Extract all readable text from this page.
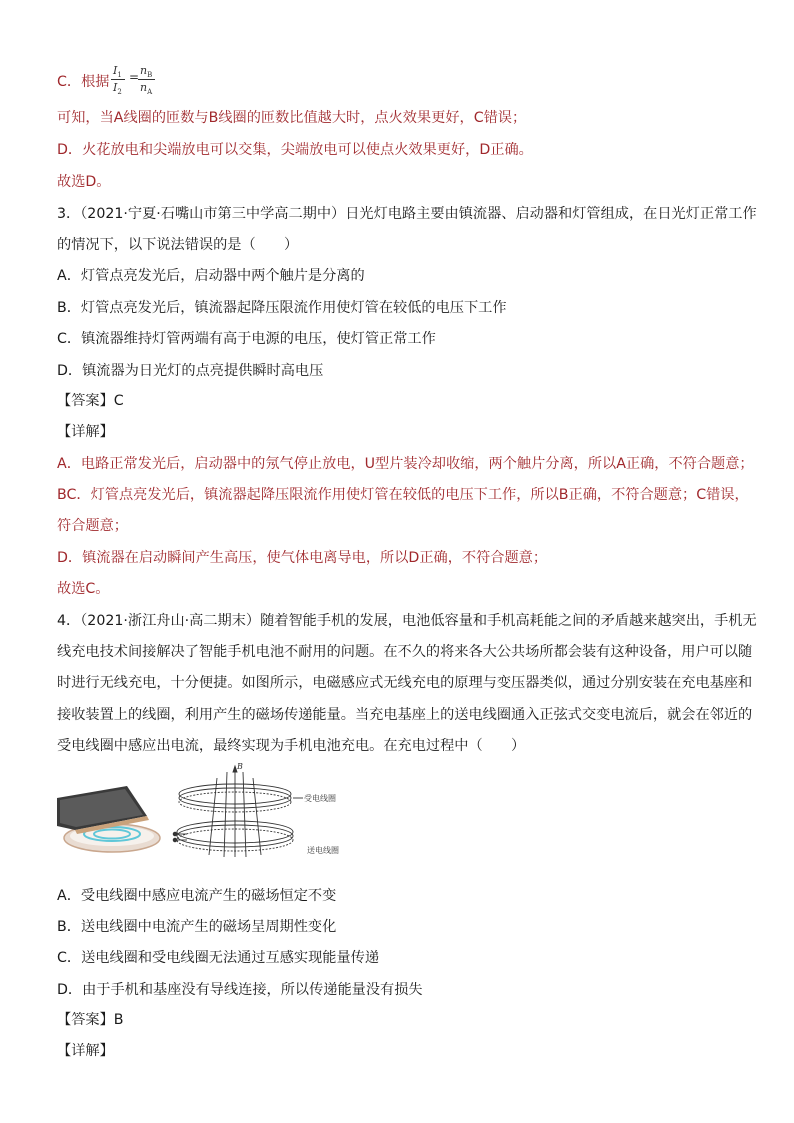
C．根据
可知，当A线圈的匝数与B线圈的匝数比值越大时，点火效果更好，C错误；
D．火花放电和尖端放电可以交集，尖端放电可以使点火效果更好，D正确。
故选D。
3．（2021·宁夏·石嘴山市第三中学高二期中）日光灯电路主要由镇流器、启动器和灯管组成，在日光灯正常工作
的情况下，以下说法错误的是（　　）
A．灯管点亮发光后，启动器中两个触片是分离的
B．灯管点亮发光后，镇流器起降压限流作用使灯管在较低的电压下工作
C．镇流器维持灯管两端有高于电源的电压，使灯管正常工作
D．镇流器为日光灯的点亮提供瞬时高电压
【答案】C
【详解】
A．电路正常发光后，启动器中的氖气停止放电，U型片装冷却收缩，两个触片分离，所以A正确，不符合题意；
BC．灯管点亮发光后，镇流器起降压限流作用使灯管在较低的电压下工作，所以B正确，不符合题意；C错误，
符合题意；
D．镇流器在启动瞬间产生高压，使气体电离导电，所以D正确，不符合题意；
故选C。
4．（2021·浙江舟山·高二期末）随着智能手机的发展，电池低容量和手机高耗能之间的矛盾越来越突出，手机无
线充电技术间接解决了智能手机电池不耐用的问题。在不久的将来各大公共场所都会装有这种设备，用户可以随
时进行无线充电，十分便捷。如图所示，电磁感应式无线充电的原理与变压器类似，通过分别安装在充电基座和
接收装置上的线圈，利用产生的磁场传递能量。当充电基座上的送电线圈通入正弦式交变电流后，就会在邻近的
受电线圈中感应出电流，最终实现为手机电池充电。在充电过程中（　　）
A．受电线圈中感应电流产生的磁场恒定不变
B．送电线圈中电流产生的磁场呈周期性变化
C．送电线圈和受电线圈无法通过互感实现能量传递
D．由于手机和基座没有导线连接，所以传递能量没有损失
【答案】B
【详解】
$I_1$
$I_2$
= $n_B$
$n_A$
B
受电线圈
送电线圈
